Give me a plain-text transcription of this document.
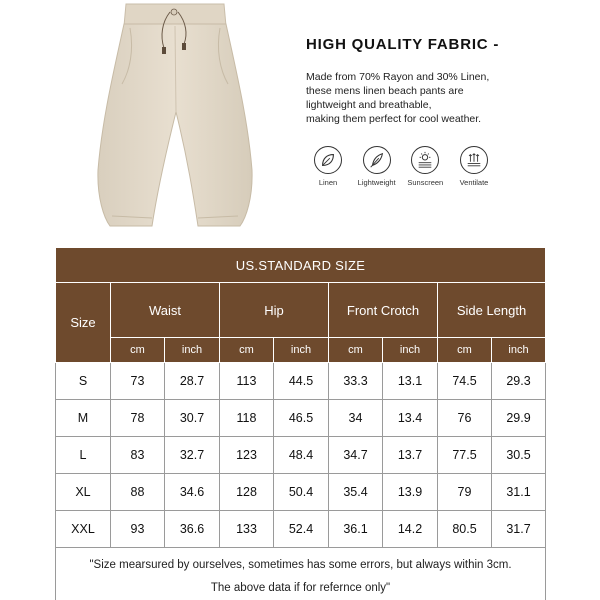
HIGH QUALITY FABRIC -
Made from 70% Rayon and 30% Linen,
these mens linen beach pants are
lightweight and breathable,
making them perfect for cool weather.
Linen	Lightweight Sunscreen Ventilate
US.STANDARD SIZE								
Size	Waist		Hip		Front Crotch		Side Length	
	cm	inch	cm	inch	cm	inch	cm	inch
S	73	28.7	113	44.5	33.3	13.1	74.5	29.3
M	78	30.7	118	46.5	34	13.4	76	29.9
L	83	32.7	123	48.4	34.7	13.7	77.5	30.5
XL	88	34.6	128	50.4	35.4	13.9	79	31.1
XXL	93	36.6	133	52.4	36.1	14.2	80.5	31.7

"Size mearsured by ourselves, sometimes has some errors, but always within 3cm.
The above data if for refernce only"								
